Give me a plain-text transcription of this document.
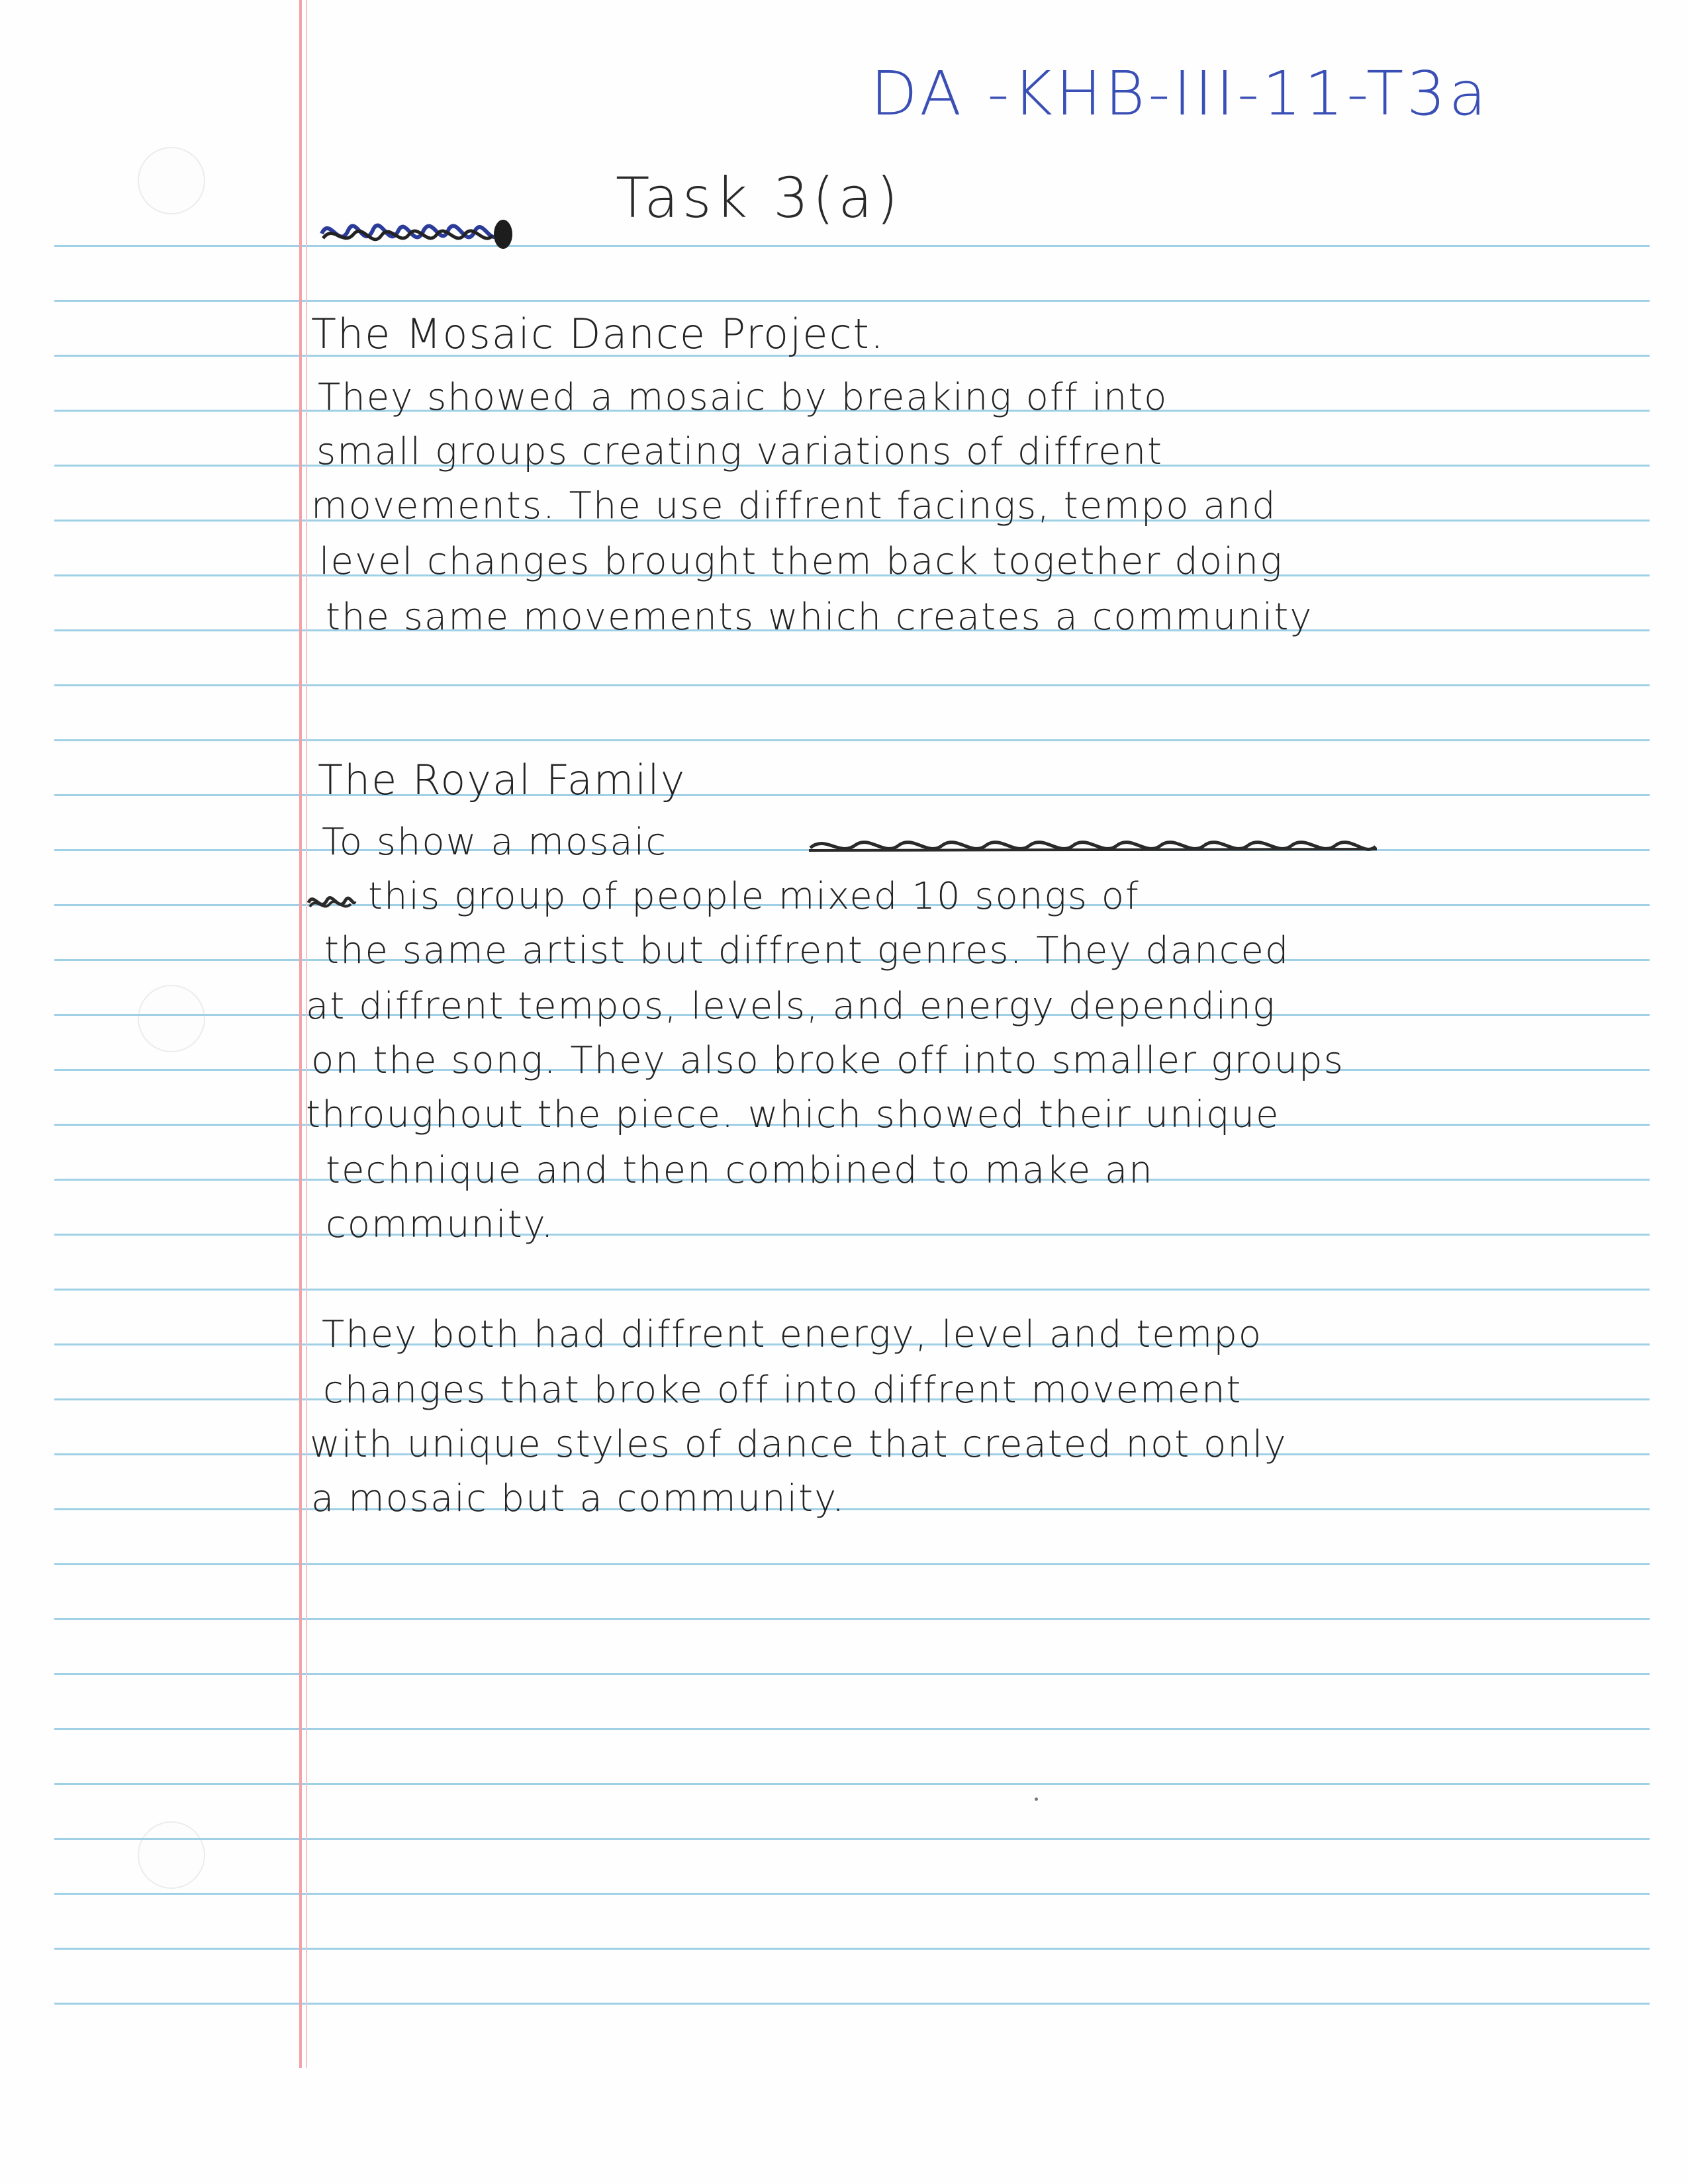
DA -KHB-III-11-T3a
Task 3(a)
The Mosaic Dance Project.
They showed a mosaic by breaking off into
small groups creating variations of diffrent
movements. The use diffrent facings, tempo and
level changes brought them back together doing
the same movements which creates a community
The Royal Family
To show a mosaic
this group of people mixed 10 songs of
the same artist but diffrent genres. They danced
at diffrent tempos, levels, and energy depending
on the song. They also broke off into smaller groups
throughout the piece. which showed their unique
technique and then combined to make an
community.
They both had diffrent energy, level and tempo
changes that broke off into diffrent movement
with unique styles of dance that created not only
a mosaic but a community.
